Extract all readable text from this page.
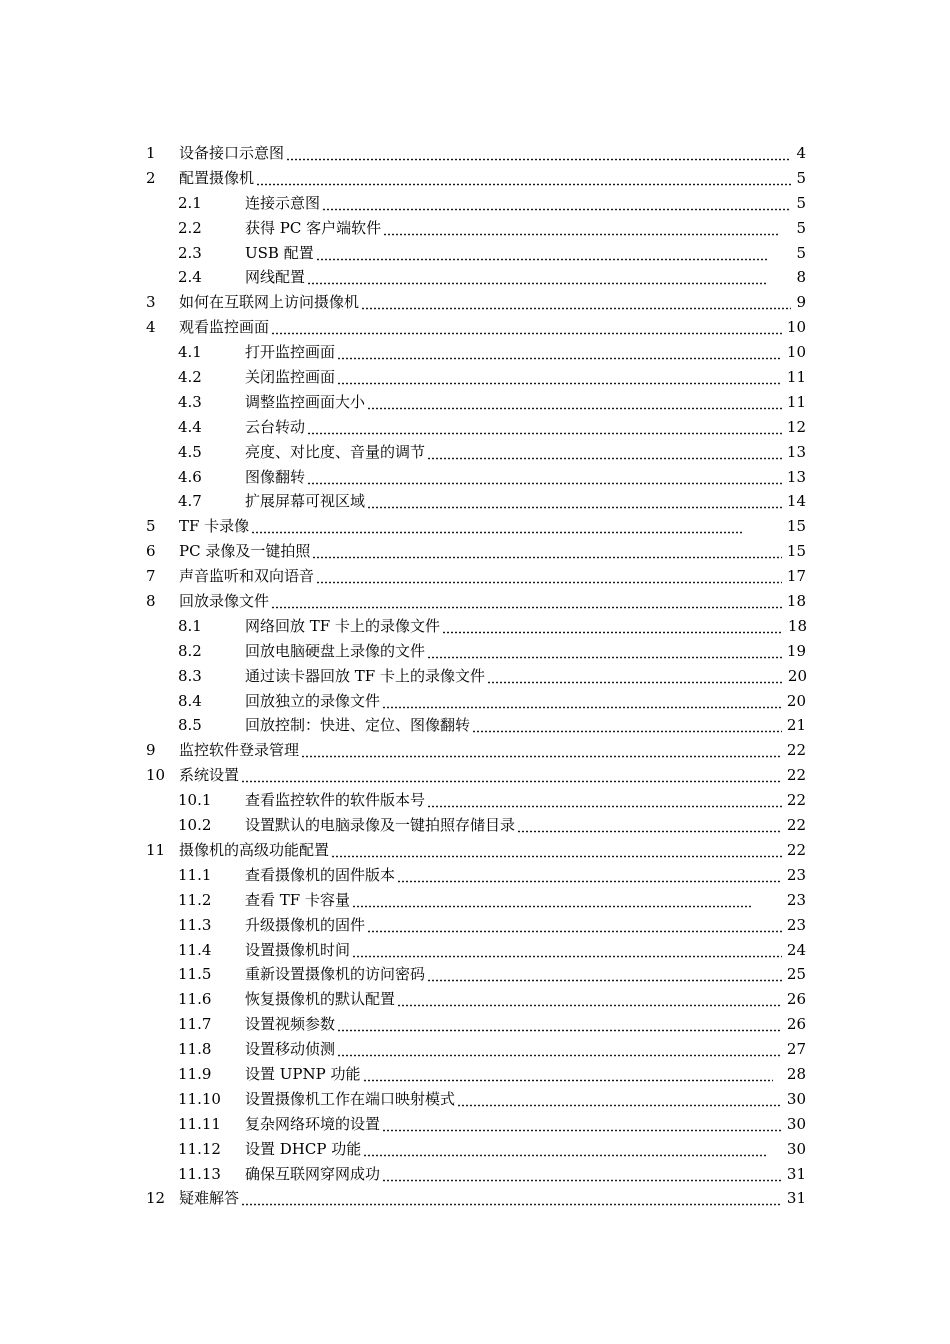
1 设备接口示意图	4
2 配置摄像机	5
2.1	连接示意图	5
2.2	获得 PC 客户端软件	5
2.3	USB 配置	5
2.4	网线配置	8
3 如何在互联网上访问摄像机	9
4 观看监控画面	10
4.1	打开监控画面	10
4.2	关闭监控画面	11
4.3	调整监控画面大小	11
4.4	云台转动	12
4.5	亮度、对比度、音量的调节	13
4.6	图像翻转	13
4.7	扩展屏幕可视区域	14
5 TF 卡录像	15
6 PC 录像及一键拍照	15
7 声音监听和双向语音	17
8 回放录像文件	18
8.1	网络回放 TF 卡上的录像文件	18
8.2	回放电脑硬盘上录像的文件	19
8.3	通过读卡器回放 TF 卡上的录像文件	20
8.4	回放独立的录像文件	20
8.5	回放控制：快进、定位、图像翻转	21
9 监控软件登录管理	22
10 系统设置	22
10.1 查看监控软件的软件版本号	22
10.2 设置默认的电脑录像及一键拍照存储目录	22
11 摄像机的高级功能配置	22
11.1 查看摄像机的固件版本	23
11.2 查看 TF 卡容量	23
11.3 升级摄像机的固件	23
11.4 设置摄像机时间	24
11.5 重新设置摄像机的访问密码	25
11.6 恢复摄像机的默认配置	26
11.7 设置视频参数	26
11.8 设置移动侦测	27
11.9 设置 UPNP 功能	28
11.10 设置摄像机工作在端口映射模式	30
11.11 复杂网络环境的设置	30
11.12 设置 DHCP 功能	30
11.13 确保互联网穿网成功	31
12 疑难解答	31
